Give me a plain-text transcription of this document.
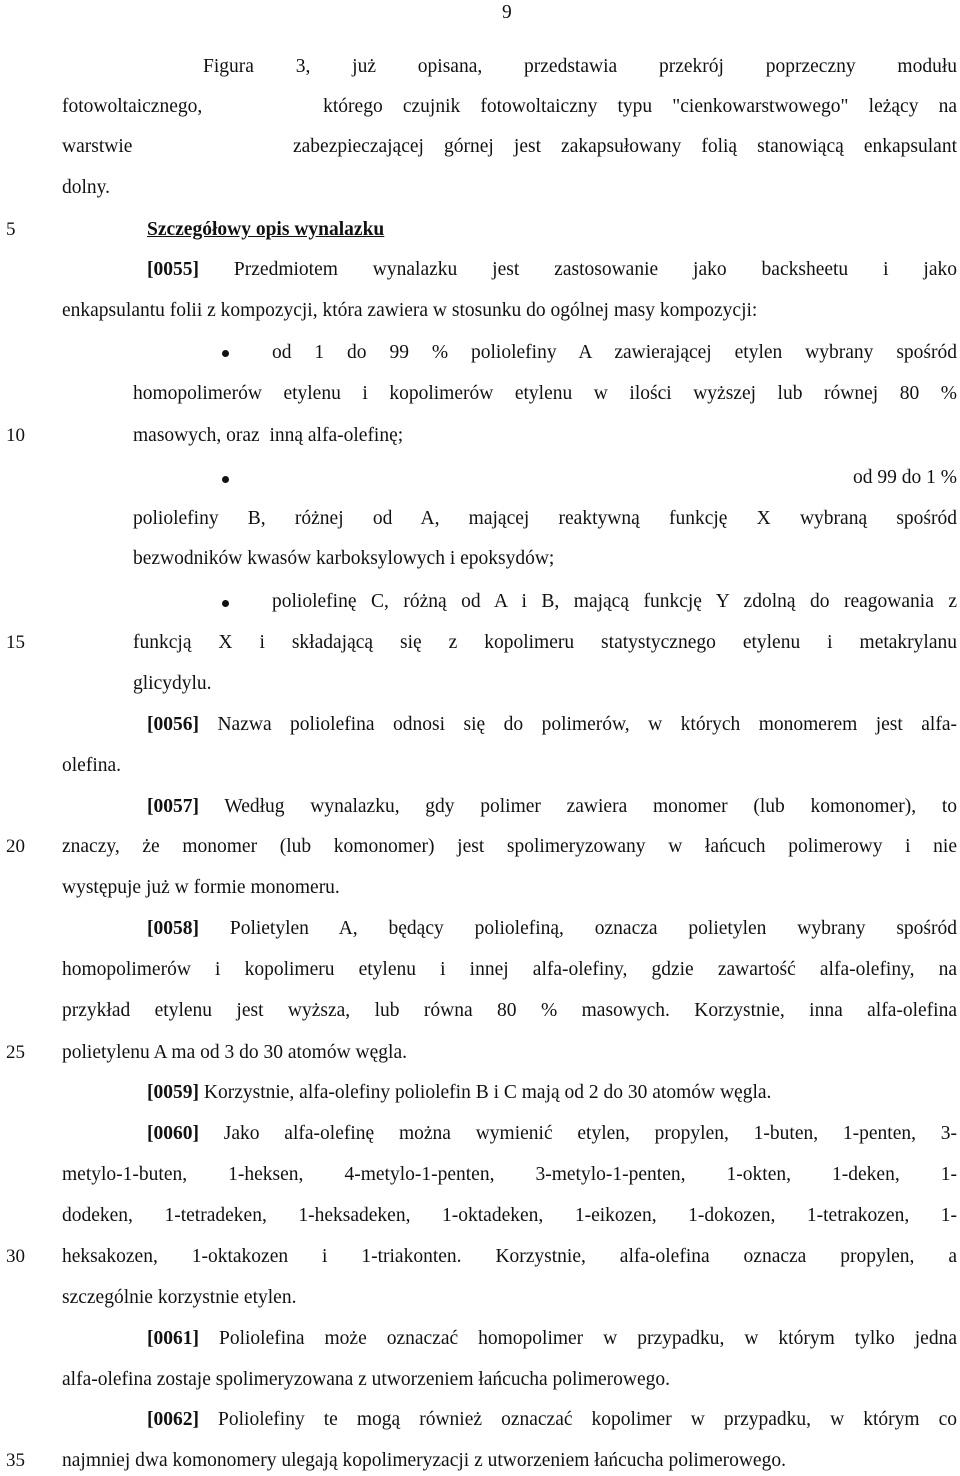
9
5
10
15
20
25
30
35
Figura 3, już opisana, przedstawia przekrój poprzeczny modułu
fotowoltaicznego,      którego czujnik fotowoltaiczny typu "cienkowarstwowego" leżący na
warstwie        zabezpieczającej górnej jest zakapsułowany folią stanowiącą enkapsulant
dolny.
Szczegółowy opis wynalazku
[0055] Przedmiotem wynalazku jest zastosowanie jako backsheetu i jako
enkapsulantu folii z kompozycji, która zawiera w stosunku do ogólnej masy kompozycji:
od 1 do 99 % poliolefiny A zawierającej etylen wybrany spośród
homopolimerów etylenu i kopolimerów etylenu w ilości wyższej lub równej 80 %
masowych, oraz  inną alfa-olefinę;
od 99 do 1 %
poliolefiny B, różnej od A, mającej reaktywną funkcję X wybraną spośród
bezwodników kwasów karboksylowych i epoksydów;
poliolefinę C, różną od A i B, mającą funkcję Y zdolną do reagowania z
funkcją X i składającą się z kopolimeru statystycznego etylenu i metakrylanu
glicydylu.
[0056] Nazwa poliolefina odnosi się do polimerów, w których monomerem jest alfa-
olefina.
[0057] Według wynalazku, gdy polimer zawiera monomer (lub komonomer), to
znaczy, że monomer (lub komonomer) jest spolimeryzowany w łańcuch polimerowy i nie
występuje już w formie monomeru.
[0058] Polietylen A, będący poliolefiną, oznacza polietylen wybrany spośród
homopolimerów i kopolimeru etylenu i innej alfa-olefiny, gdzie zawartość alfa-olefiny, na
przykład etylenu jest wyższa, lub równa 80 % masowych. Korzystnie, inna alfa-olefina
polietylenu A ma od 3 do 30 atomów węgla.
[0059] Korzystnie, alfa-olefiny poliolefin B i C mają od 2 do 30 atomów węgla.
[0060] Jako alfa-olefinę można wymienić etylen, propylen, 1-buten, 1-penten, 3-
metylo-1-buten, 1-heksen, 4-metylo-1-penten, 3-metylo-1-penten, 1-okten, 1-deken, 1-
dodeken, 1-tetradeken, 1-heksadeken, 1-oktadeken, 1-eikozen, 1-dokozen, 1-tetrakozen, 1-
heksakozen, 1-oktakozen i 1-triakonten. Korzystnie, alfa-olefina oznacza propylen, a
szczególnie korzystnie etylen.
[0061] Poliolefina może oznaczać homopolimer w przypadku, w którym tylko jedna
alfa-olefina zostaje spolimeryzowana z utworzeniem łańcucha polimerowego.
[0062] Poliolefiny te mogą również oznaczać kopolimer w przypadku, w którym co
najmniej dwa komonomery ulegają kopolimeryzacji z utworzeniem łańcucha polimerowego.
